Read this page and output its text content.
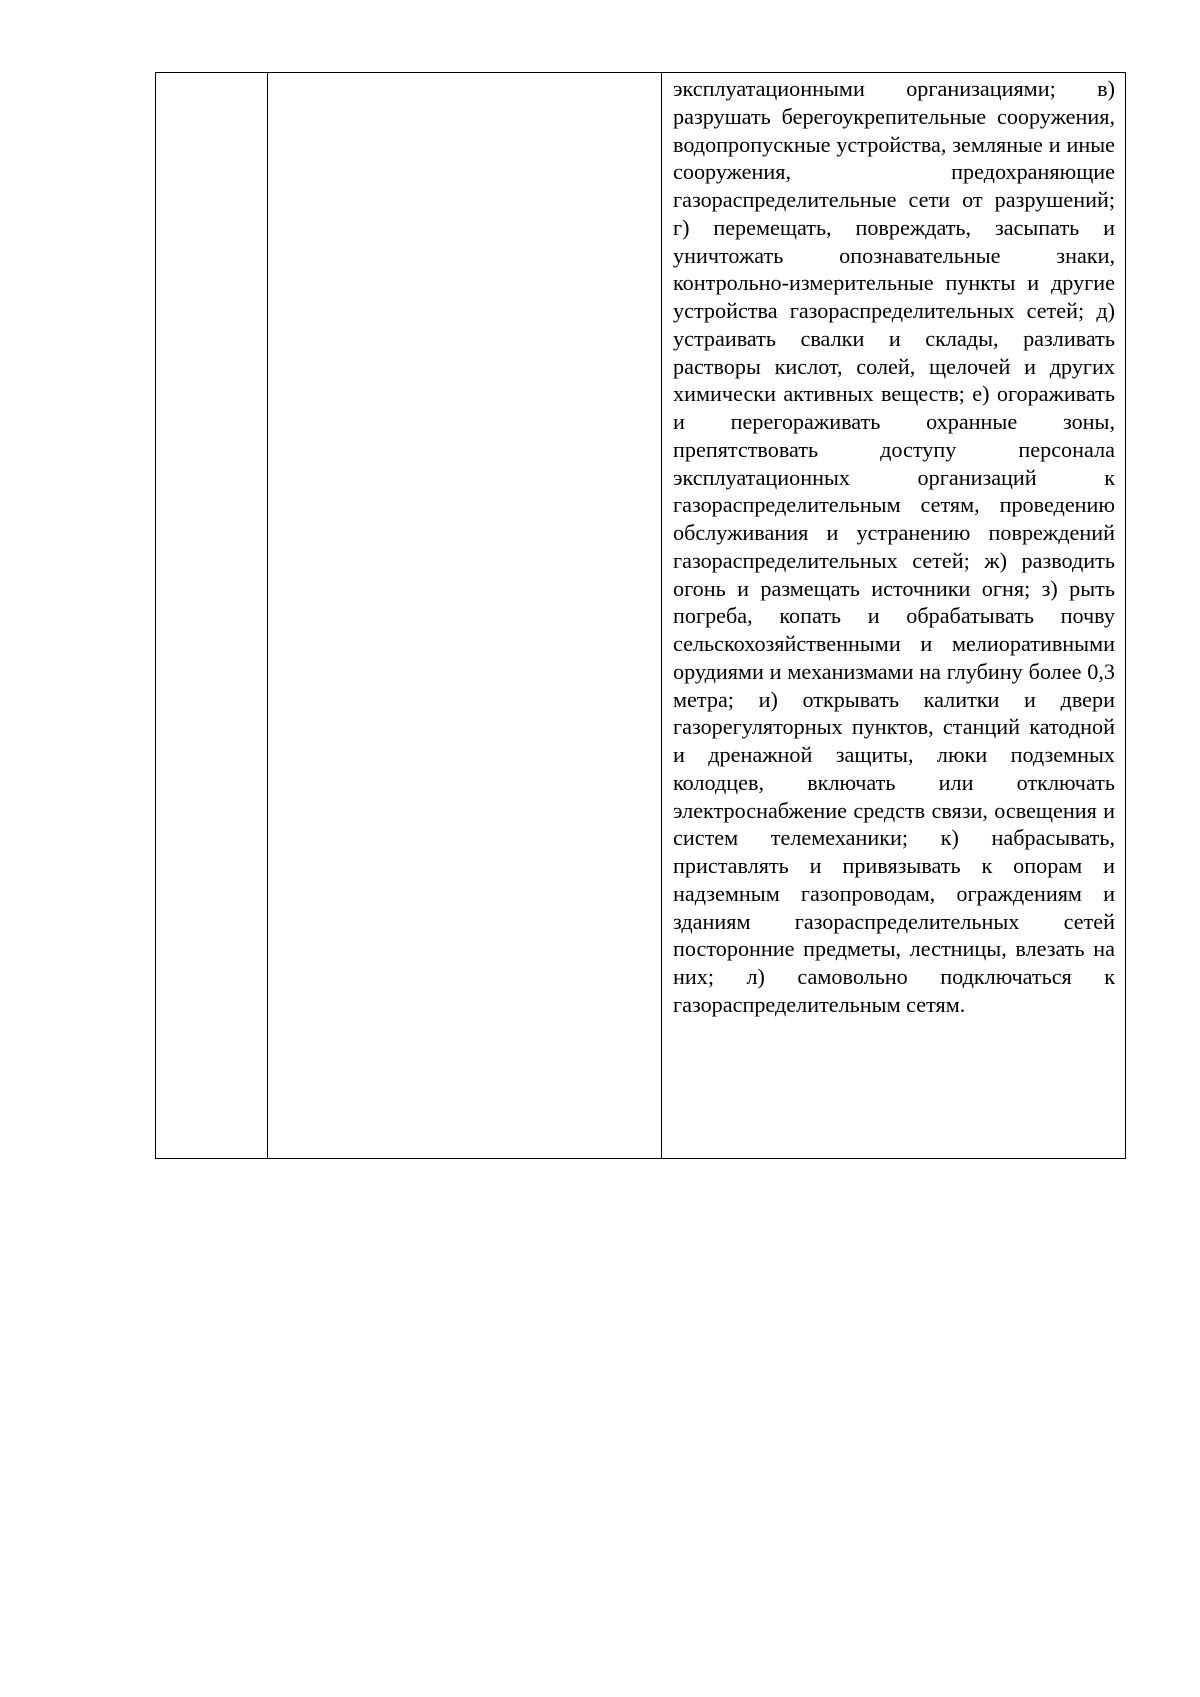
эксплуатационными организациями; в) разрушать берегоукрепительные сооружения, водопропускные устройства, земляные и иные сооружения, предохраняющие газораспределительные сети от разрушений; г) перемещать, повреждать, засыпать и уничтожать опознавательные знаки, контрольно-измерительные пункты и другие устройства газораспределительных сетей; д) устраивать свалки и склады, разливать растворы кислот, солей, щелочей и других химически активных веществ; е) огораживать и перегораживать охранные зоны, препятствовать доступу персонала эксплуатационных организаций к газораспределительным сетям, проведению обслуживания и устранению повреждений газораспределительных сетей; ж) разводить огонь и размещать источники огня; з) рыть погреба, копать и обрабатывать почву сельскохозяйственными и мелиоративными орудиями и механизмами на глубину более 0,3 метра; и) открывать калитки и двери газорегуляторных пунктов, станций катодной и дренажной защиты, люки подземных колодцев, включать или отключать электроснабжение средств связи, освещения и систем телемеханики; к) набрасывать, приставлять и привязывать к опорам и надземным газопроводам, ограждениям и зданиям газораспределительных сетей посторонние предметы, лестницы, влезать на них; л) самовольно подключаться к газораспределительным сетям.
